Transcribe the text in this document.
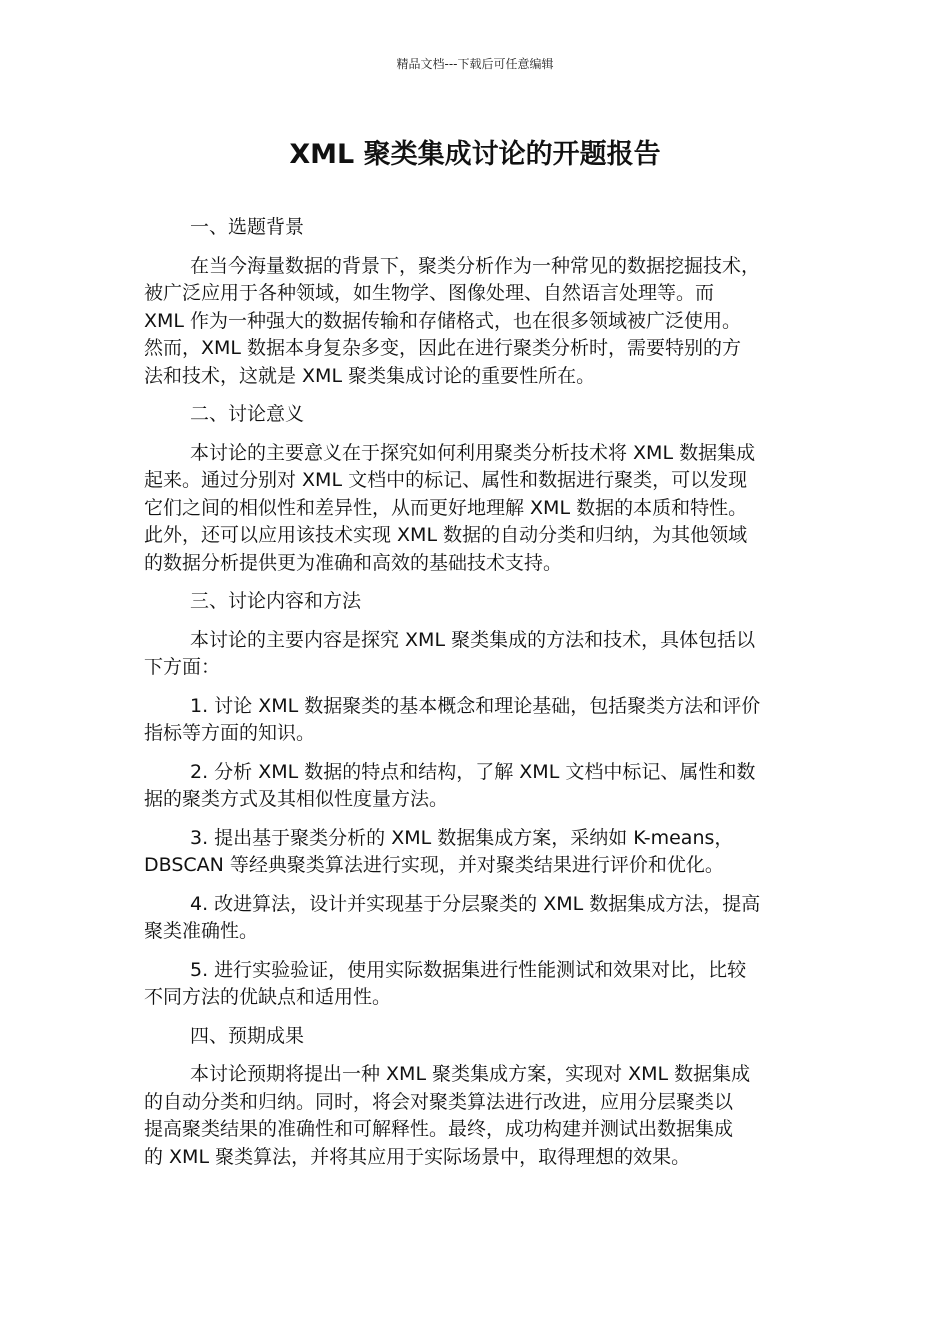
精品文档---下载后可任意编辑
XML 聚类集成讨论的开题报告
一、选题背景
在当今海量数据的背景下，聚类分析作为一种常见的数据挖掘技术，
被广泛应用于各种领域，如生物学、图像处理、自然语言处理等。而
XML 作为一种强大的数据传输和存储格式，也在很多领域被广泛使用。
然而，XML 数据本身复杂多变，因此在进行聚类分析时，需要特别的方
法和技术，这就是 XML 聚类集成讨论的重要性所在。
二、讨论意义
本讨论的主要意义在于探究如何利用聚类分析技术将 XML 数据集成
起来。通过分别对 XML 文档中的标记、属性和数据进行聚类，可以发现
它们之间的相似性和差异性，从而更好地理解 XML 数据的本质和特性。
此外，还可以应用该技术实现 XML 数据的自动分类和归纳，为其他领域
的数据分析提供更为准确和高效的基础技术支持。
三、讨论内容和方法
本讨论的主要内容是探究 XML 聚类集成的方法和技术，具体包括以
下方面：
1. 讨论 XML 数据聚类的基本概念和理论基础，包括聚类方法和评价
指标等方面的知识。
2. 分析 XML 数据的特点和结构，了解 XML 文档中标记、属性和数
据的聚类方式及其相似性度量方法。
3. 提出基于聚类分析的 XML 数据集成方案，采纳如 K-means，
DBSCAN 等经典聚类算法进行实现，并对聚类结果进行评价和优化。
4. 改进算法，设计并实现基于分层聚类的 XML 数据集成方法，提高
聚类准确性。
5. 进行实验验证，使用实际数据集进行性能测试和效果对比，比较
不同方法的优缺点和适用性。
四、预期成果
本讨论预期将提出一种 XML 聚类集成方案，实现对 XML 数据集成
的自动分类和归纳。同时，将会对聚类算法进行改进，应用分层聚类以
提高聚类结果的准确性和可解释性。最终，成功构建并测试出数据集成
的 XML 聚类算法，并将其应用于实际场景中，取得理想的效果。
